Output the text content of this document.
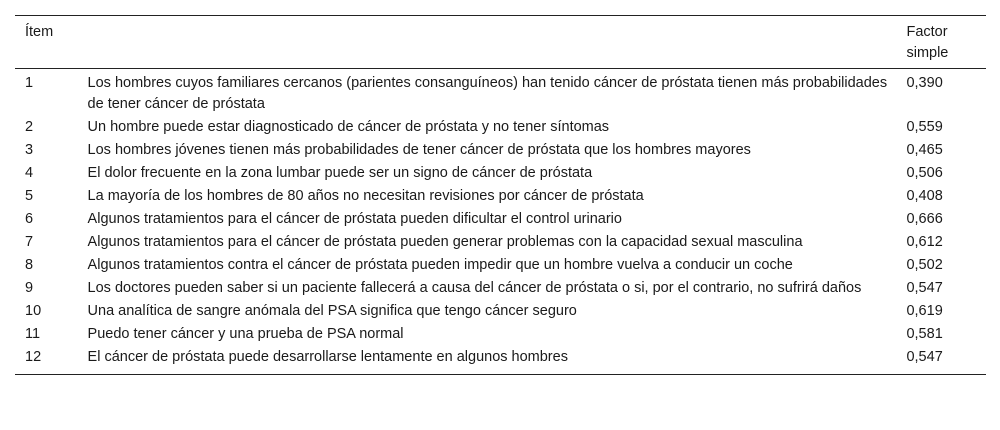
Ítem		Factor
simple
1	Los hombres cuyos familiares cercanos (parientes consanguíneos) han tenido cáncer de próstata tienen más probabilidades de tener cáncer de próstata	0,390
2	Un hombre puede estar diagnosticado de cáncer de próstata y no tener síntomas	0,559
3	Los hombres jóvenes tienen más probabilidades de tener cáncer de próstata que los hombres mayores	0,465
4	El dolor frecuente en la zona lumbar puede ser un signo de cáncer de próstata	0,506
5	La mayoría de los hombres de 80 años no necesitan revisiones por cáncer de próstata	0,408
6	Algunos tratamientos para el cáncer de próstata pueden dificultar el control urinario	0,666
7	Algunos tratamientos para el cáncer de próstata pueden generar problemas con la capacidad sexual masculina	0,612
8	Algunos tratamientos contra el cáncer de próstata pueden impedir que un hombre vuelva a conducir un coche	0,502
9	Los doctores pueden saber si un paciente fallecerá a causa del cáncer de próstata o si, por el contrario, no sufrirá daños	0,547
10	Una analítica de sangre anómala del PSA significa que tengo cáncer seguro	0,619
11	Puedo tener cáncer y una prueba de PSA normal	0,581
12	El cáncer de próstata puede desarrollarse lentamente en algunos hombres	0,547
